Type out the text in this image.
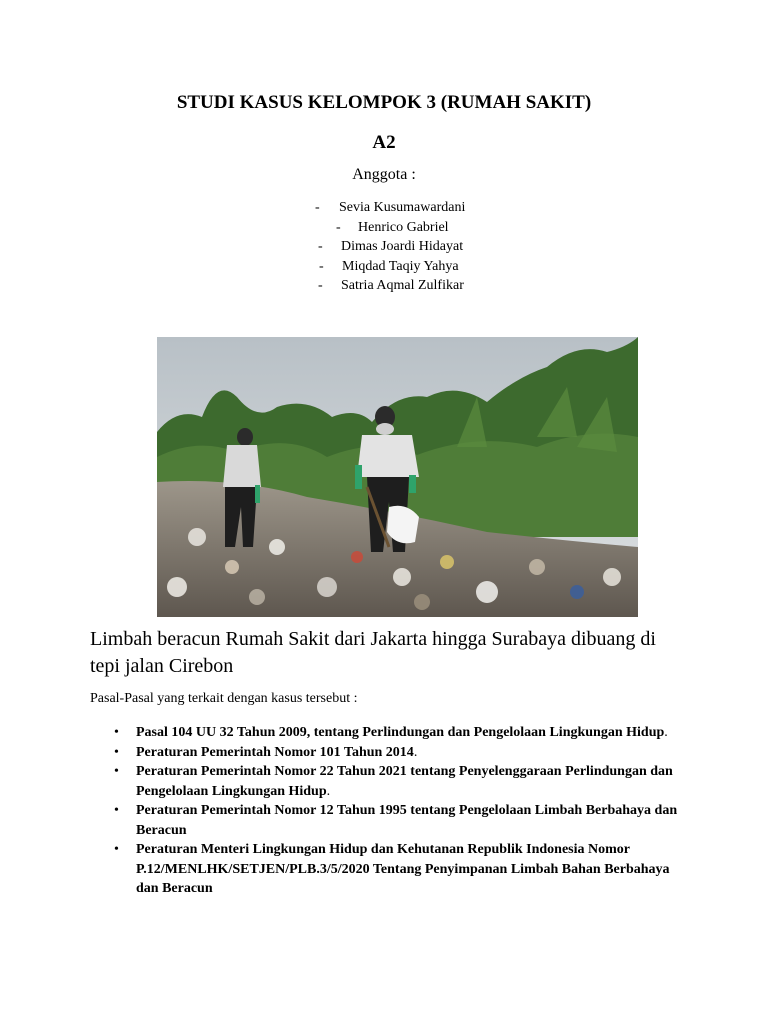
STUDI KASUS KELOMPOK 3 (RUMAH SAKIT)
A2
Anggota :
- Sevia Kusumawardani
- Henrico Gabriel
- Dimas Joardi Hidayat
- Miqdad Taqiy Yahya
- Satria Aqmal Zulfikar
Limbah beracun Rumah Sakit dari Jakarta hingga Surabaya dibuang di tepi jalan Cirebon
Pasal-Pasal yang terkait dengan kasus tersebut :
• Pasal 104 UU 32 Tahun 2009, tentang Perlindungan dan Pengelolaan Lingkungan Hidup.
• Peraturan Pemerintah Nomor 101 Tahun 2014.
• Peraturan Pemerintah Nomor 22 Tahun 2021 tentang Penyelenggaraan Perlindungan dan Pengelolaan Lingkungan Hidup.
• Peraturan Pemerintah Nomor 12 Tahun 1995 tentang Pengelolaan Limbah Berbahaya dan Beracun
• Peraturan Menteri Lingkungan Hidup dan Kehutanan Republik Indonesia Nomor P.12/MENLHK/SETJEN/PLB.3/5/2020 Tentang Penyimpanan Limbah Bahan Berbahaya dan Beracun
